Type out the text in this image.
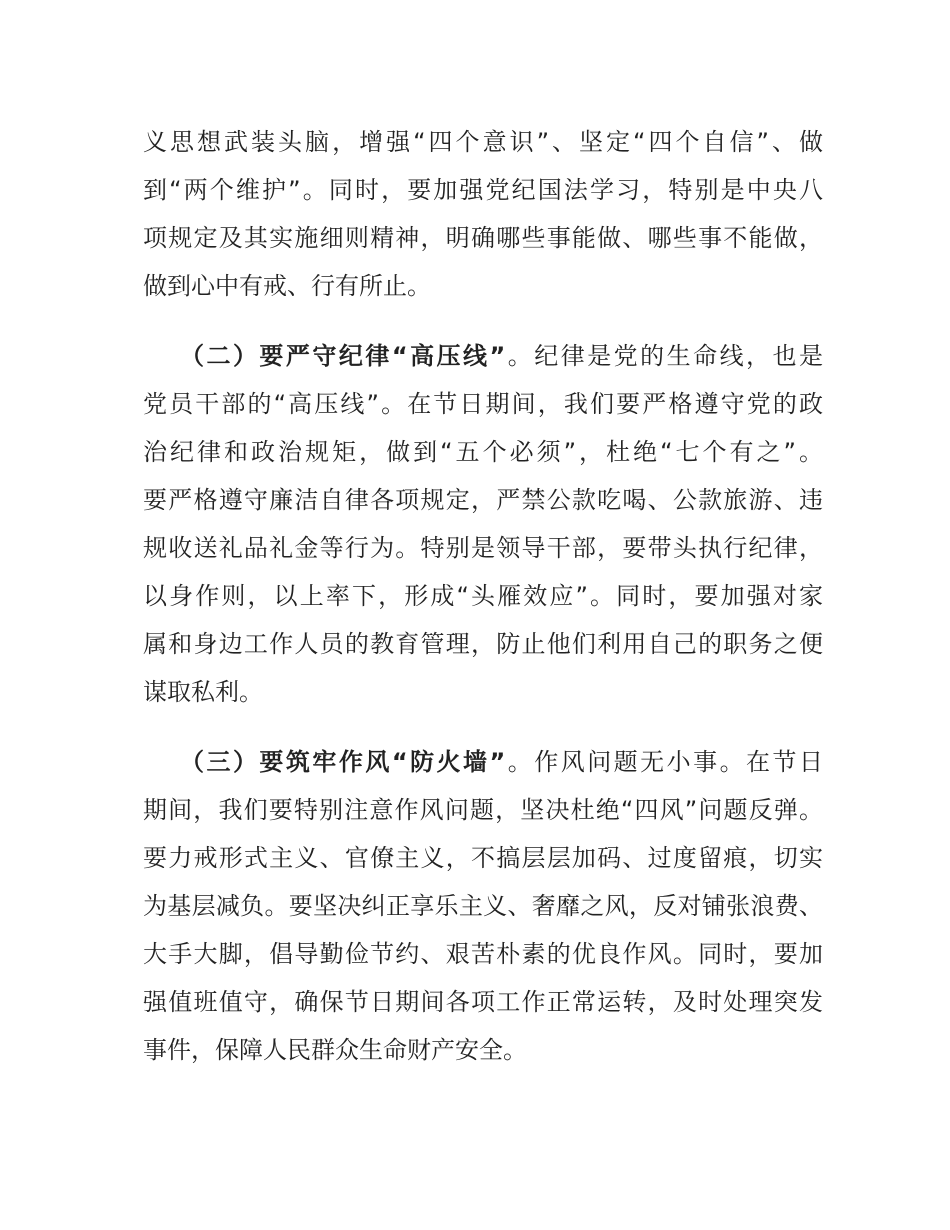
义思想武装头脑，增强“四个意识”、坚定“四个自信”、做
到“两个维护”。同时，要加强党纪国法学习，特别是中央八
项规定及其实施细则精神，明确哪些事能做、哪些事不能做，
做到心中有戒、行有所止。
（二）要严守纪律“高压线”。纪律是党的生命线，也是
党员干部的“高压线”。在节日期间，我们要严格遵守党的政
治纪律和政治规矩，做到“五个必须”，杜绝“七个有之”。
要严格遵守廉洁自律各项规定，严禁公款吃喝、公款旅游、违
规收送礼品礼金等行为。特别是领导干部，要带头执行纪律，
以身作则，以上率下，形成“头雁效应”。同时，要加强对家
属和身边工作人员的教育管理，防止他们利用自己的职务之便
谋取私利。
（三）要筑牢作风“防火墙”。作风问题无小事。在节日
期间，我们要特别注意作风问题，坚决杜绝“四风”问题反弹。
要力戒形式主义、官僚主义，不搞层层加码、过度留痕，切实
为基层减负。要坚决纠正享乐主义、奢靡之风，反对铺张浪费、
大手大脚，倡导勤俭节约、艰苦朴素的优良作风。同时，要加
强值班值守，确保节日期间各项工作正常运转，及时处理突发
事件，保障人民群众生命财产安全。
